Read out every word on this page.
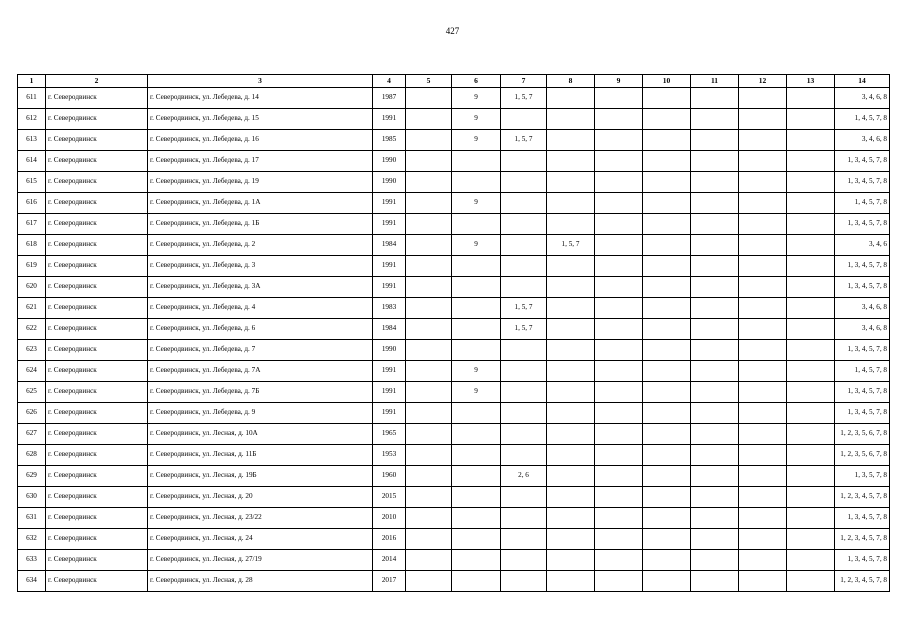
427
1	2	3	4	5	6	7	8	9	10	11	12	13	14
611	г. Северодвинск	г. Северодвинск, ул. Лебедева, д. 14	1987		9	1, 5, 7							3, 4, 6, 8
612	г. Северодвинск	г. Северодвинск, ул. Лебедева, д. 15	1991		9								1, 4, 5, 7, 8
613	г. Северодвинск	г. Северодвинск, ул. Лебедева, д. 16	1985		9	1, 5, 7							3, 4, 6, 8
614	г. Северодвинск	г. Северодвинск, ул. Лебедева, д. 17	1990										1, 3, 4, 5, 7, 8
615	г. Северодвинск	г. Северодвинск, ул. Лебедева, д. 19	1990										1, 3, 4, 5, 7, 8
616	г. Северодвинск	г. Северодвинск, ул. Лебедева, д. 1А	1991		9								1, 4, 5, 7, 8
617	г. Северодвинск	г. Северодвинск, ул. Лебедева, д. 1Б	1991										1, 3, 4, 5, 7, 8
618	г. Северодвинск	г. Северодвинск, ул. Лебедева, д. 2	1984		9		1, 5, 7						3, 4, 6
619	г. Северодвинск	г. Северодвинск, ул. Лебедева, д. 3	1991										1, 3, 4, 5, 7, 8
620	г. Северодвинск	г. Северодвинск, ул. Лебедева, д. 3А	1991										1, 3, 4, 5, 7, 8
621	г. Северодвинск	г. Северодвинск, ул. Лебедева, д. 4	1983			1, 5, 7							3, 4, 6, 8
622	г. Северодвинск	г. Северодвинск, ул. Лебедева, д. 6	1984			1, 5, 7							3, 4, 6, 8
623	г. Северодвинск	г. Северодвинск, ул. Лебедева, д. 7	1990										1, 3, 4, 5, 7, 8
624	г. Северодвинск	г. Северодвинск, ул. Лебедева, д. 7А	1991		9								1, 4, 5, 7, 8
625	г. Северодвинск	г. Северодвинск, ул. Лебедева, д. 7Б	1991		9								1, 3, 4, 5, 7, 8
626	г. Северодвинск	г. Северодвинск, ул. Лебедева, д. 9	1991										1, 3, 4, 5, 7, 8
627	г. Северодвинск	г. Северодвинск, ул. Лесная, д. 10А	1965										1, 2, 3, 5, 6, 7, 8
628	г. Северодвинск	г. Северодвинск, ул. Лесная, д. 11Б	1953										1, 2, 3, 5, 6, 7, 8
629	г. Северодвинск	г. Северодвинск, ул. Лесная, д. 19Б	1960			2, 6							1, 3, 5, 7, 8
630	г. Северодвинск	г. Северодвинск, ул. Лесная, д. 20	2015										1, 2, 3, 4, 5, 7, 8
631	г. Северодвинск	г. Северодвинск, ул. Лесная, д. 23/22	2010										1, 3, 4, 5, 7, 8
632	г. Северодвинск	г. Северодвинск, ул. Лесная, д. 24	2016										1, 2, 3, 4, 5, 7, 8
633	г. Северодвинск	г. Северодвинск, ул. Лесная, д. 27/19	2014										1, 3, 4, 5, 7, 8
634	г. Северодвинск	г. Северодвинск, ул. Лесная, д. 28	2017										1, 2, 3, 4, 5, 7, 8
